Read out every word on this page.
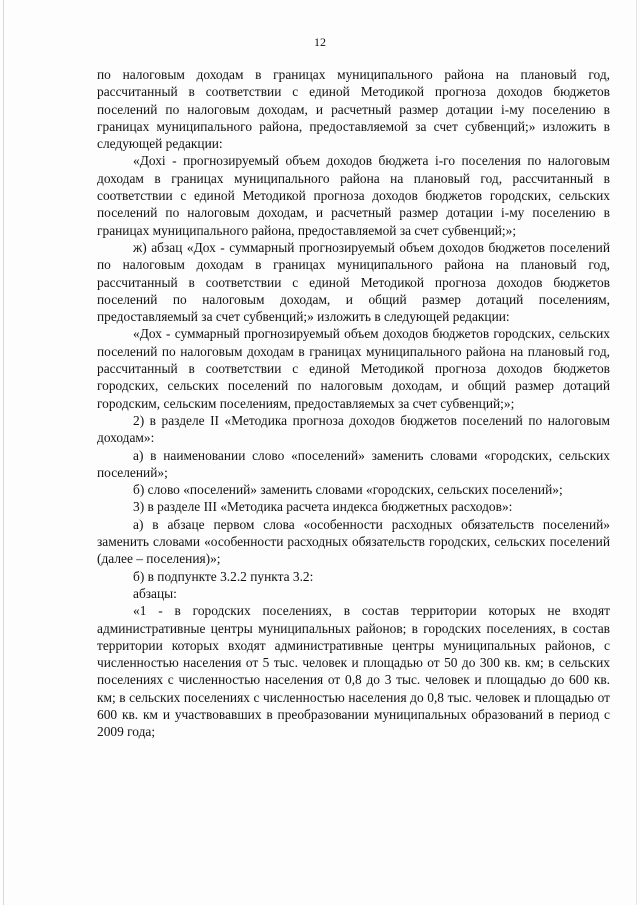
12

по налоговым доходам в границах муниципального района на плановый год, рассчитанный в соответствии с единой Методикой прогноза доходов бюджетов поселений по налоговым доходам, и расчетный размер дотации i-му поселению в границах муниципального района, предоставляемой за счет субвенций;» изложить в следующей редакции:

«Дохi - прогнозируемый объем доходов бюджета i-го поселения по налоговым доходам в границах муниципального района на плановый год, рассчитанный в соответствии с единой Методикой прогноза доходов бюджетов городских, сельских поселений по налоговым доходам, и расчетный размер дотации i-му поселению в границах муниципального района, предоставляемой за счет субвенций;»;

ж) абзац «Дох - суммарный прогнозируемый объем доходов бюджетов поселений по налоговым доходам в границах муниципального района на плановый год, рассчитанный в соответствии с единой Методикой прогноза доходов бюджетов поселений по налоговым доходам, и общий размер дотаций поселениям, предоставляемый за счет субвенций;» изложить в следующей редакции:

«Дох - суммарный прогнозируемый объем доходов бюджетов городских, сельских поселений по налоговым доходам в границах муниципального района на плановый год, рассчитанный в соответствии с единой Методикой прогноза доходов бюджетов городских, сельских поселений по налоговым доходам, и общий размер дотаций городским, сельским поселениям, предоставляемых за счет субвенций;»;

2) в разделе II «Методика прогноза доходов бюджетов поселений по налоговым доходам»:

а) в наименовании слово «поселений» заменить словами «городских, сельских поселений»;

б) слово «поселений» заменить словами «городских, сельских поселений»;

3) в разделе III «Методика расчета индекса бюджетных расходов»:

а) в абзаце первом слова «особенности расходных обязательств поселений» заменить словами «особенности расходных обязательств городских, сельских поселений (далее – поселения)»;

б) в подпункте 3.2.2 пункта 3.2:

абзацы:

«1 - в городских поселениях, в состав территории которых не входят административные центры муниципальных районов; в городских поселениях, в состав территории которых входят административные центры муниципальных районов, с численностью населения от 5 тыс. человек и площадью от 50 до 300 кв. км; в сельских поселениях с численностью населения от 0,8 до 3 тыс. человек и площадью до 600 кв. км; в сельских поселениях с численностью населения до 0,8 тыс. человек и площадью от 600 кв. км и участвовавших в преобразовании муниципальных образований в период с 2009 года;
